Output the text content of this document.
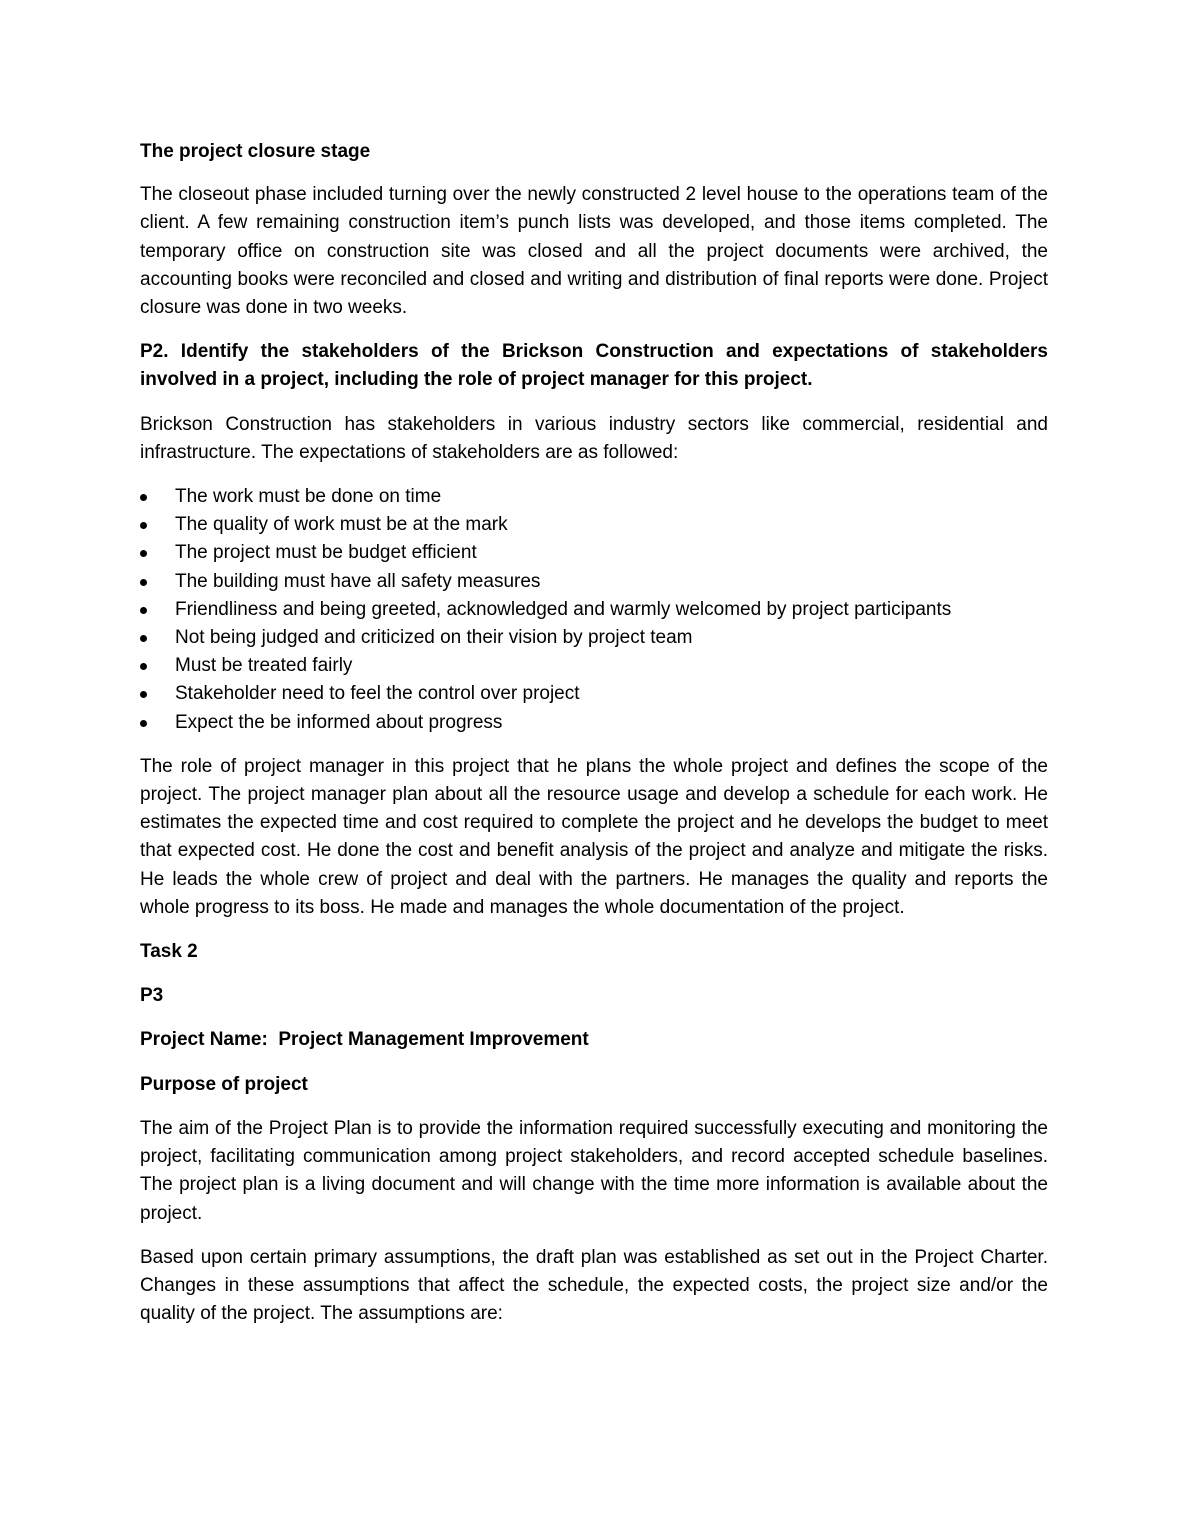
The project closure stage

The closeout phase included turning over the newly constructed 2 level house to the operations team of the client. A few remaining construction item’s punch lists was developed, and those items completed. The temporary office on construction site was closed and all the project documents were archived, the accounting books were reconciled and closed and writing and distribution of final reports were done. Project closure was done in two weeks.

P2. Identify the stakeholders of the Brickson Construction and expectations of stakeholders involved in a project, including the role of project manager for this project.

Brickson Construction has stakeholders in various industry sectors like commercial, residential and infrastructure. The expectations of stakeholders are as followed:

The work must be done on time
The quality of work must be at the mark
The project must be budget efficient
The building must have all safety measures
Friendliness and being greeted, acknowledged and warmly welcomed by project participants
Not being judged and criticized on their vision by project team
Must be treated fairly
Stakeholder need to feel the control over project
Expect the be informed about progress

The role of project manager in this project that he plans the whole project and defines the scope of the project. The project manager plan about all the resource usage and develop a schedule for each work. He estimates the expected time and cost required to complete the project and he develops the budget to meet that expected cost. He done the cost and benefit analysis of the project and analyze and mitigate the risks. He leads the whole crew of project and deal with the partners. He manages the quality and reports the whole progress to its boss. He made and manages the whole documentation of the project.

Task 2

P3

Project Name:  Project Management Improvement

Purpose of project

The aim of the Project Plan is to provide the information required successfully executing and monitoring the project, facilitating communication among project stakeholders, and record accepted schedule baselines. The project plan is a living document and will change with the time more information is available about the project.

Based upon certain primary assumptions, the draft plan was established as set out in the Project Charter. Changes in these assumptions that affect the schedule, the expected costs, the project size and/or the quality of the project. The assumptions are:
